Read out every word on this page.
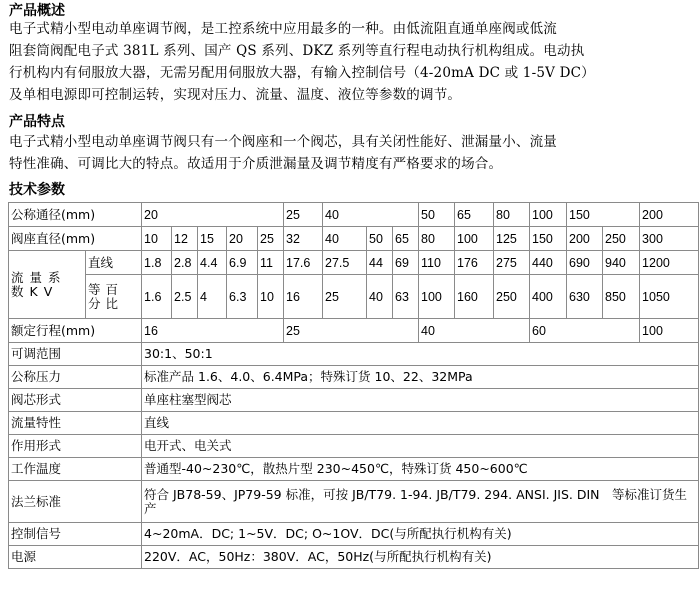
产品概述
电子式精小型电动单座调节阀，是工控系统中应用最多的一种。由低流阻直通单座阀或低流
阻套筒阀配电子式 381L 系列、国产 QS 系列、DKZ 系列等直行程电动执行机构组成。电动执
行机构内有伺服放大器，无需另配用伺服放大器，有输入控制信号（4-20mA DC 或 1-5V DC）
及单相电源即可控制运转，实现对压力、流量、温度、液位等参数的调节。
产品特点
电子式精小型电动单座调节阀只有一个阀座和一个阀芯，具有关闭性能好、泄漏量小、流量
特性准确、可调比大的特点。故适用于介质泄漏量及调节精度有严格要求的场合。
技术参数
公称通径(mm)		20					25	40			50	65	80	100	150		200		
阀座直径(mm)		10	12	15	20	25	32	40	50	65	80	100	125	150	200	250	300	
流量系数KV	直线	1.8	2.8	4.4	6.9	11	17.6	27.5	44	69	110	176	275	440	690	940	1200	
	等百分比	1.6	2.5	4	6.3	10	16	25	40	63	100	160	250	400	630	850	1050	
额定行程(mm)		16					25				40			60			100	
可调范围		30:1、50:1																
公称压力		标准产品 1.6、4.0、6.4MPa；特殊订货 10、22、32MPa																
阀芯形式		单座柱塞型阀芯																
流量特性		直线																
作用形式		电开式、电关式																
工作温度		普通型-40~230℃，散热片型 230~450℃，特殊订货 450~600℃																
法兰标准		符合 JB78-59、JP79-59 标准，可按 JB/T79. 1-94. JB/T79. 294. ANSI. JIS. DIN　等标准订货生产																
控制信号		4~20mA．DC; 1~5V．DC; O~1OV．DC(与所配执行机构有关)																
电源		220V．AC，50Hz：380V．AC，50Hz(与所配执行机构有关)																
